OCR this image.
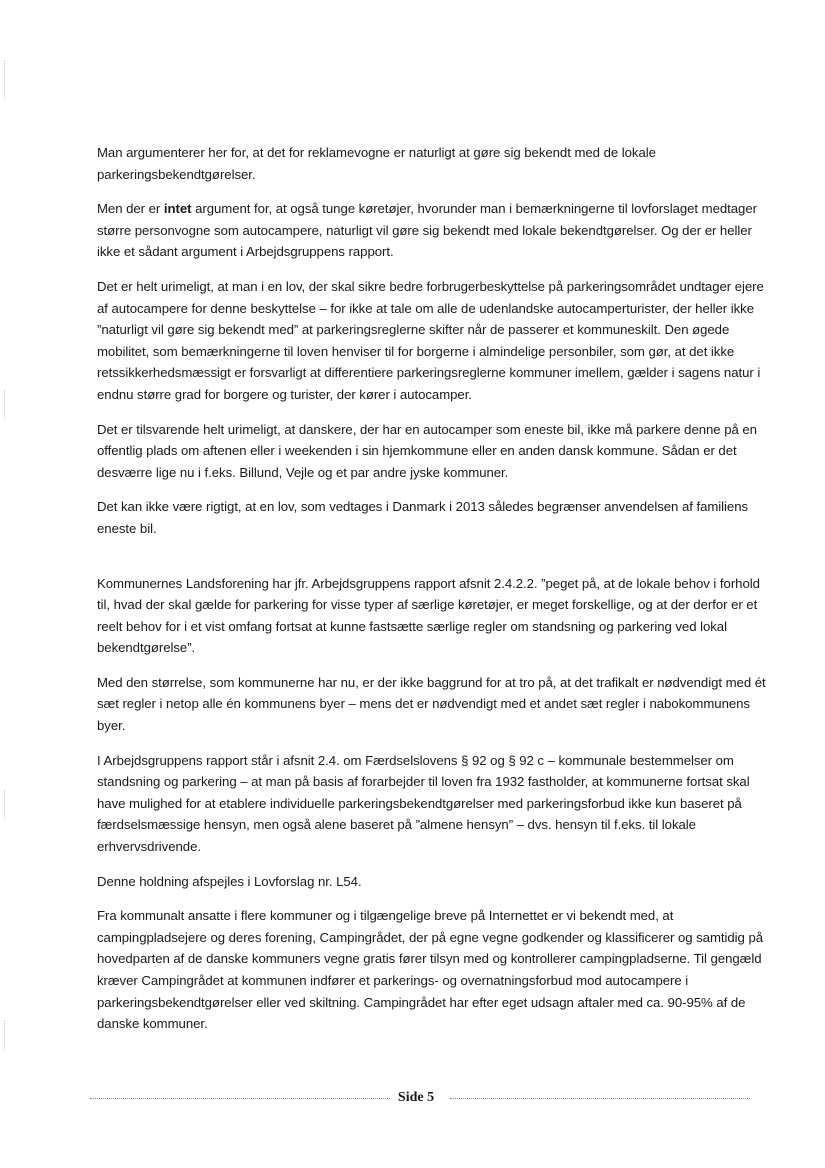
Man argumenterer her for, at det for reklamevogne er naturligt at gøre sig bekendt med de lokale parkeringsbekendtgørelser.

Men der er intet argument for, at også tunge køretøjer, hvorunder man i bemærkningerne til lovforslaget medtager større personvogne som autocampere, naturligt vil gøre sig bekendt med lokale bekendtgørelser. Og der er heller ikke et sådant argument i Arbejdsgruppens rapport.

Det er helt urimeligt, at man i en lov, der skal sikre bedre forbrugerbeskyttelse på parkeringsområdet undtager ejere af autocampere for denne beskyttelse – for ikke at tale om alle de udenlandske autocamperturister, der heller ikke ”naturligt vil gøre sig bekendt med” at parkeringsreglerne skifter når de passerer et kommuneskilt. Den øgede mobilitet, som bemærkningerne til loven henviser til for borgerne i almindelige personbiler, som gør, at det ikke retssikkerhedsmæssigt er forsvarligt at differentiere parkeringsreglerne kommuner imellem, gælder i sagens natur i endnu større grad for borgere og turister, der kører i autocamper.

Det er tilsvarende helt urimeligt, at danskere, der har en autocamper som eneste bil, ikke må parkere denne på en offentlig plads om aftenen eller i weekenden i sin hjemkommune eller en anden dansk kommune. Sådan er det desværre lige nu i f.eks. Billund, Vejle og et par andre jyske kommuner.

Det kan ikke være rigtigt, at en lov, som vedtages i Danmark i 2013 således begrænser anvendelsen af familiens eneste bil.

Kommunernes Landsforening har jfr. Arbejdsgruppens rapport afsnit 2.4.2.2. ”peget på, at de lokale behov i forhold til, hvad der skal gælde for parkering for visse typer af særlige køretøjer, er meget forskellige, og at der derfor er et reelt behov for i et vist omfang fortsat at kunne fastsætte særlige regler om standsning og parkering ved lokal bekendtgørelse”.

Med den størrelse, som kommunerne har nu, er der ikke baggrund for at tro på, at det trafikalt er nødvendigt med ét sæt regler i netop alle én kommunens byer – mens det er nødvendigt med et andet sæt regler i nabokommunens byer.

I Arbejdsgruppens rapport står i afsnit 2.4. om Færdselslovens § 92 og § 92 c – kommunale bestemmelser om standsning og parkering – at man på basis af forarbejder til loven fra 1932 fastholder, at kommunerne fortsat skal have mulighed for at etablere individuelle parkeringsbekendtgørelser med parkeringsforbud ikke kun baseret på færdselsmæssige hensyn, men også alene baseret på ”almene hensyn” – dvs. hensyn til f.eks. til lokale erhvervsdrivende.

Denne holdning afspejles i Lovforslag nr. L54.

Fra kommunalt ansatte i flere kommuner og i tilgængelige breve på Internettet er vi bekendt med, at campingpladsejere og deres forening, Campingrådet, der på egne vegne godkender og klassificerer og samtidig på hovedparten af de danske kommuners vegne gratis fører tilsyn med og kontrollerer campingpladserne. Til gengæld kræver Campingrådet at kommunen indfører et parkerings- og overnatningsforbud mod autocampere i parkeringsbekendtgørelser eller ved skiltning. Campingrådet har efter eget udsagn aftaler med ca. 90-95% af de danske kommuner.

Side 5
